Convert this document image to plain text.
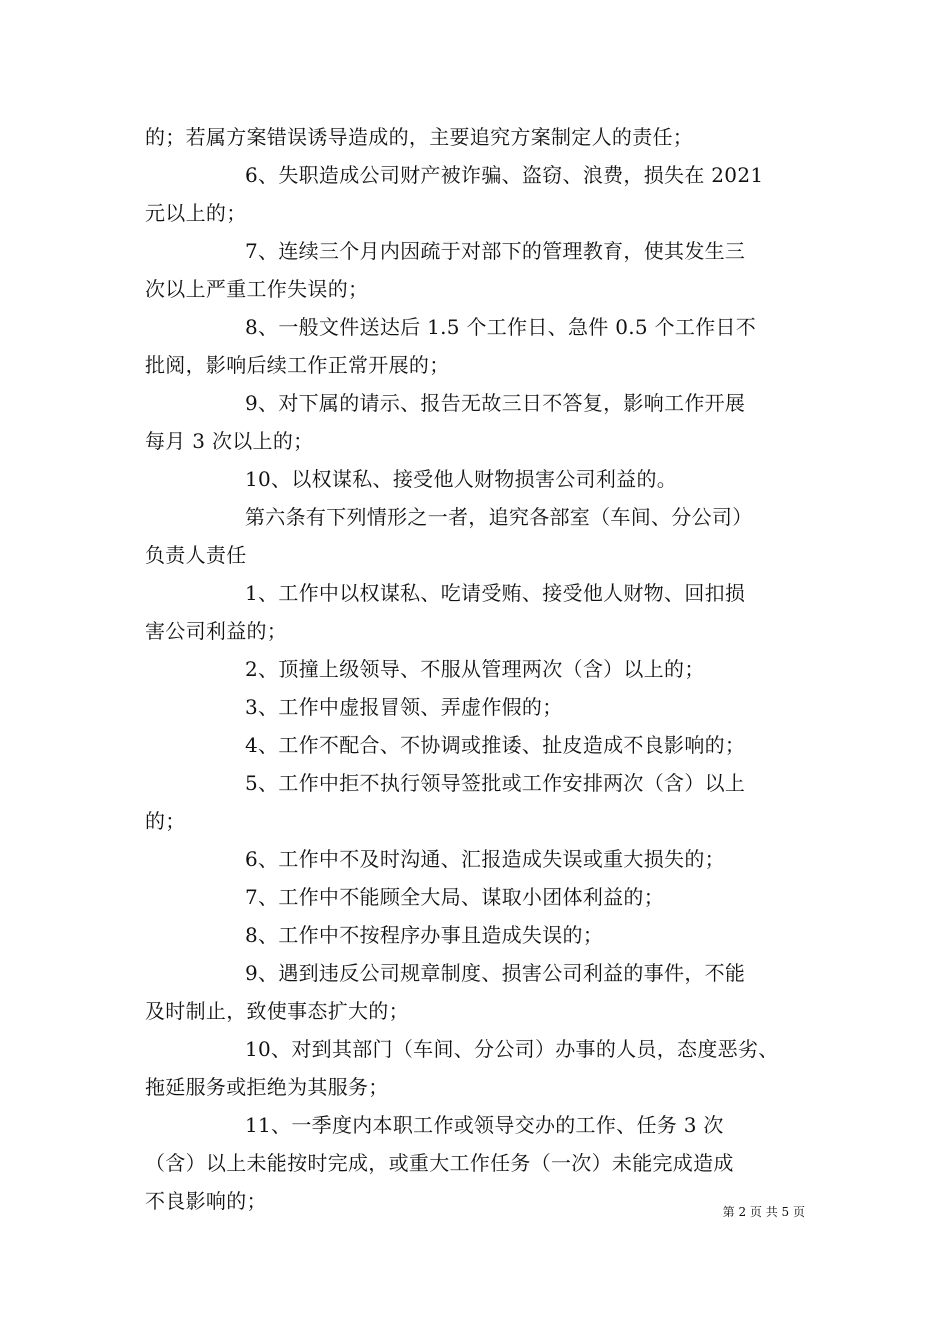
的；若属方案错误诱导造成的，主要追究方案制定人的责任；
6、失职造成公司财产被诈骗、盗窃、浪费，损失在 2021
元以上的；
7、连续三个月内因疏于对部下的管理教育，使其发生三
次以上严重工作失误的；
8、一般文件送达后 1.5 个工作日、急件 0.5 个工作日不
批阅，影响后续工作正常开展的；
9、对下属的请示、报告无故三日不答复，影响工作开展
每月 3 次以上的；
10、以权谋私、接受他人财物损害公司利益的。
第六条有下列情形之一者，追究各部室（车间、分公司）
负责人责任
1、工作中以权谋私、吃请受贿、接受他人财物、回扣损
害公司利益的；
2、顶撞上级领导、不服从管理两次（含）以上的；
3、工作中虚报冒领、弄虚作假的；
4、工作不配合、不协调或推诿、扯皮造成不良影响的；
5、工作中拒不执行领导签批或工作安排两次（含）以上
的；
6、工作中不及时沟通、汇报造成失误或重大损失的；
7、工作中不能顾全大局、谋取小团体利益的；
8、工作中不按程序办事且造成失误的；
9、遇到违反公司规章制度、损害公司利益的事件，不能
及时制止，致使事态扩大的；
10、对到其部门（车间、分公司）办事的人员，态度恶劣、
拖延服务或拒绝为其服务；
11、一季度内本职工作或领导交办的工作、任务 3 次
（含）以上未能按时完成，或重大工作任务（一次）未能完成造成
不良影响的；	第 2 页 共 5 页
